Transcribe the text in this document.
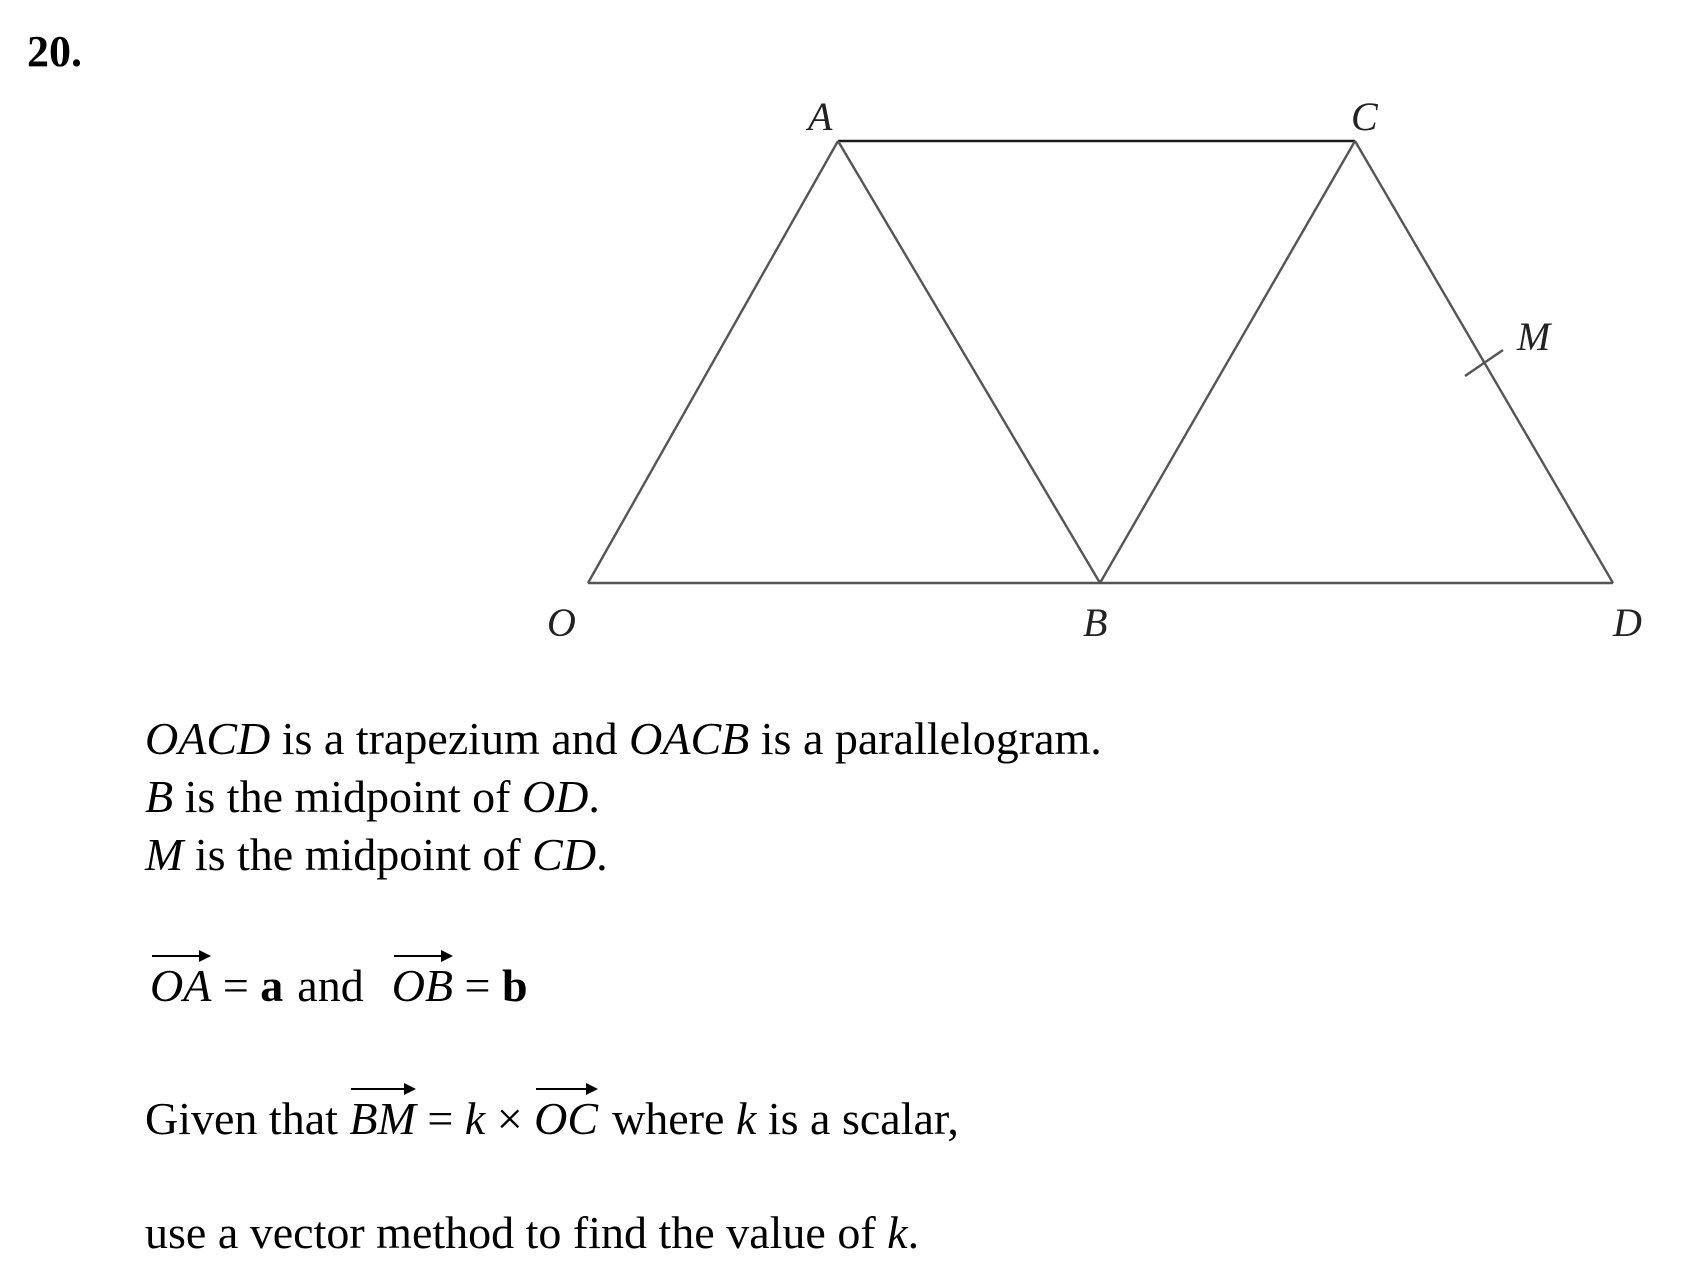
20.
A	C
M
O	B	D
OACD is a trapezium and OACB is a parallelogram.
B is the midpoint of OD.
M is the midpoint of CD.
OA = a and OB = b
Given that BM = k × OC where k is a scalar,
use a vector method to find the value of k.
